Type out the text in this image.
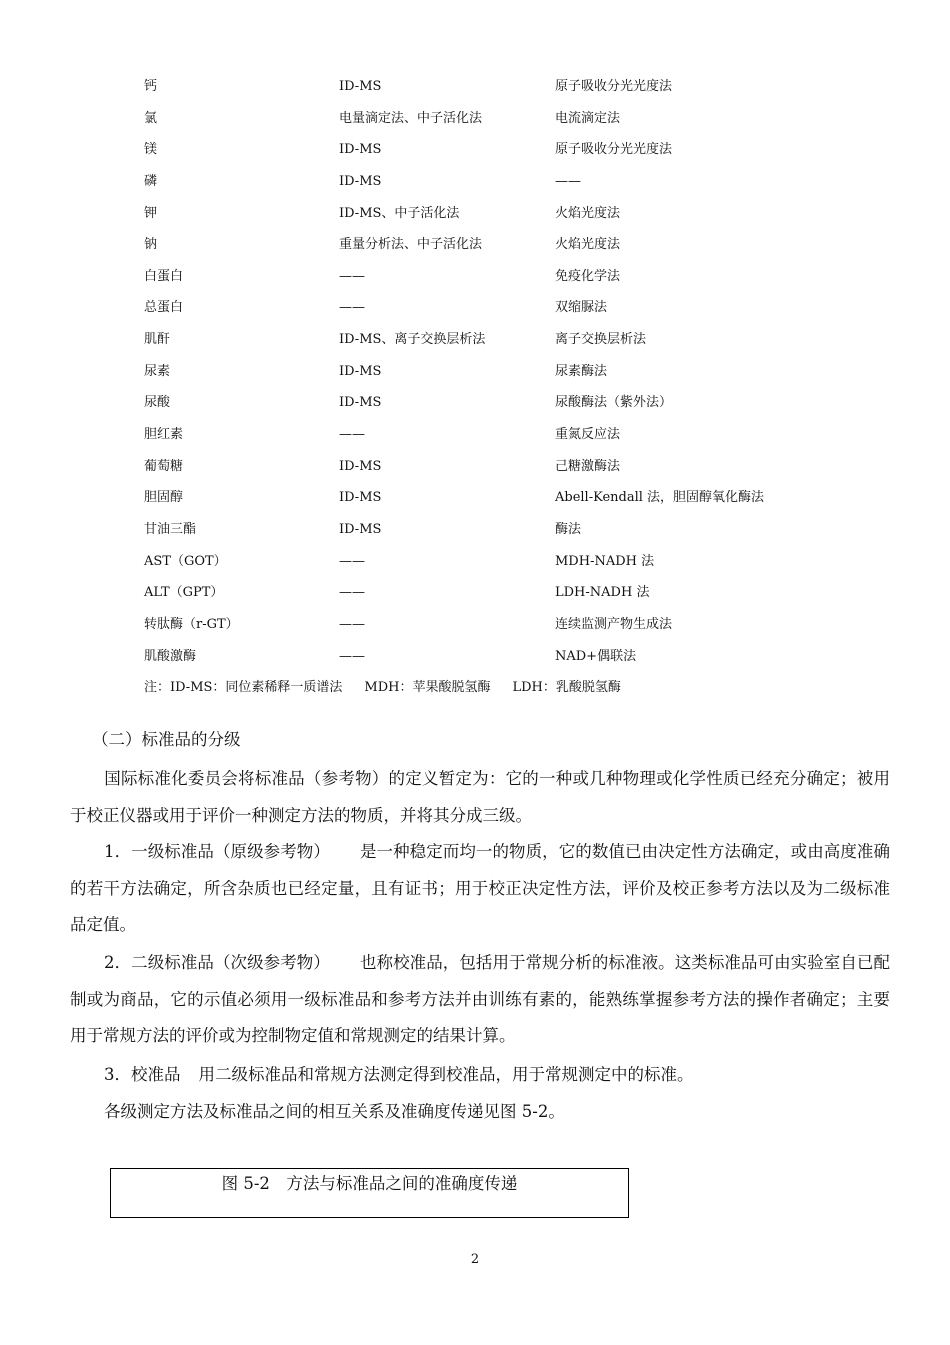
钙	ID-MS	原子吸收分光光度法
氯	电量滴定法、中子活化法	电流滴定法
镁	ID-MS	原子吸收分光光度法
磷	ID-MS	——
钾	ID-MS、中子活化法	火焰光度法
钠	重量分析法、中子活化法	火焰光度法
白蛋白	——	免疫化学法
总蛋白	——	双缩脲法
肌酐	ID-MS、离子交换层析法	离子交换层析法
尿素	ID-MS	尿素酶法
尿酸	ID-MS	尿酸酶法（紫外法）
胆红素	——	重氮反应法
葡萄糖	ID-MS	己糖激酶法
胆固醇	ID-MS	Abell-Kendall 法，胆固醇氧化酶法
甘油三酯	ID-MS	酶法
AST（GOT）	——	MDH-NADH 法
ALT（GPT）	——	LDH-NADH 法
转肽酶（r-GT）	——	连续监测产物生成法
肌酸激酶	——	NAD+偶联法
注：ID-MS：同位素稀释一质谱法 MDH：苹果酸脱氢酶 LDH：乳酸脱氢酶
（二）标准品的分级
国际标准化委员会将标准品（参考物）的定义暂定为：它的一种或几种物理或化学性质已经充分确定；被用于校正仪器或用于评价一种测定方法的物质，并将其分成三级。
1．一级标准品（原级参考物） 是一种稳定而均一的物质，它的数值已由决定性方法确定，或由高度准确的若干方法确定，所含杂质也已经定量，且有证书；用于校正决定性方法，评价及校正参考方法以及为二级标准品定值。
2．二级标准品（次级参考物） 也称校准品，包括用于常规分析的标准液。这类标准品可由实验室自已配制或为商品，它的示值必须用一级标准品和参考方法并由训练有素的，能熟练掌握参考方法的操作者确定；主要用于常规方法的评价或为控制物定值和常规测定的结果计算。
3．校准品 用二级标准品和常规方法测定得到校准品，用于常规测定中的标准。
各级测定方法及标准品之间的相互关系及准确度传递见图 5-2。
图 5-2　方法与标准品之间的准确度传递
2
